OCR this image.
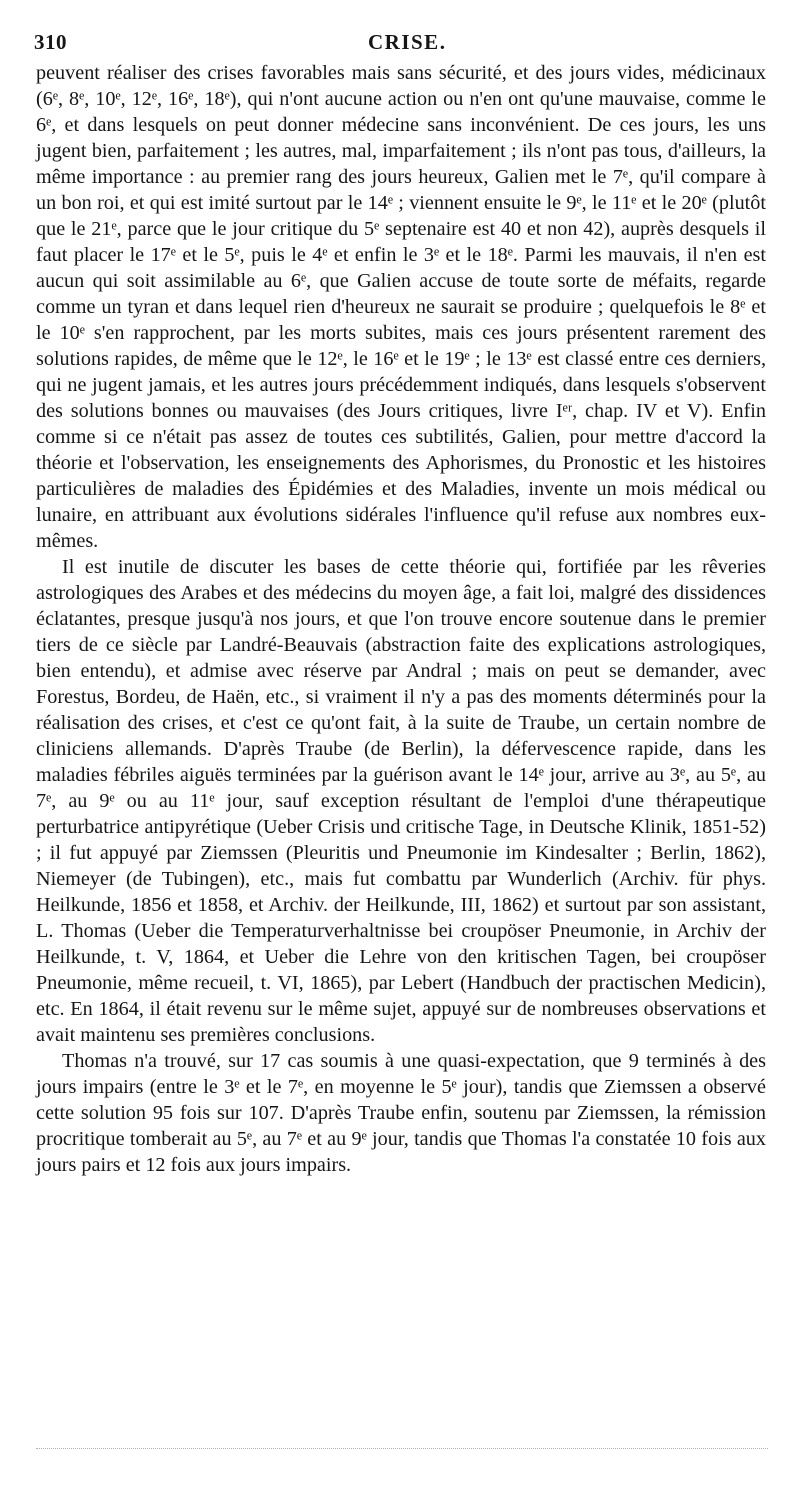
310	CRISE.

peuvent réaliser des crises favorables mais sans sécurité, et des jours vides, médicinaux (6ᵉ, 8ᵉ, 10ᵉ, 12ᵉ, 16ᵉ, 18ᵉ), qui n'ont aucune action ou n'en ont qu'une mauvaise, comme le 6ᵉ, et dans lesquels on peut donner médecine sans inconvénient. De ces jours, les uns jugent bien, parfaitement ; les autres, mal, imparfaitement ; ils n'ont pas tous, d'ailleurs, la même importance : au premier rang des jours heureux, Galien met le 7ᵉ, qu'il compare à un bon roi, et qui est imité surtout par le 14ᵉ ; viennent ensuite le 9ᵉ, le 11ᵉ et le 20ᵉ (plutôt que le 21ᵉ, parce que le jour critique du 5ᵉ septenaire est 40 et non 42), auprès desquels il faut placer le 17ᵉ et le 5ᵉ, puis le 4ᵉ et enfin le 3ᵉ et le 18ᵉ. Parmi les mauvais, il n'en est aucun qui soit assimilable au 6ᵉ, que Galien accuse de toute sorte de méfaits, regarde comme un tyran et dans lequel rien d'heureux ne saurait se produire ; quelquefois le 8ᵉ et le 10ᵉ s'en rapprochent, par les morts subites, mais ces jours présentent rarement des solutions rapides, de même que le 12ᵉ, le 16ᵉ et le 19ᵉ ; le 13ᵉ est classé entre ces derniers, qui ne jugent jamais, et les autres jours précédemment indiqués, dans lesquels s'observent des solutions bonnes ou mauvaises (des Jours critiques, livre Iᵉʳ, chap. IV et V). Enfin comme si ce n'était pas assez de toutes ces subtilités, Galien, pour mettre d'accord la théorie et l'observation, les enseignements des Aphorismes, du Pronostic et les histoires particulières de maladies des Épidémies et des Maladies, invente un mois médical ou lunaire, en attribuant aux évolutions sidérales l'influence qu'il refuse aux nombres eux-mêmes.

Il est inutile de discuter les bases de cette théorie qui, fortifiée par les rêveries astrologiques des Arabes et des médecins du moyen âge, a fait loi, malgré des dissidences éclatantes, presque jusqu'à nos jours, et que l'on trouve encore soutenue dans le premier tiers de ce siècle par Landré-Beauvais (abstraction faite des explications astrologiques, bien entendu), et admise avec réserve par Andral ; mais on peut se demander, avec Forestus, Bordeu, de Haën, etc., si vraiment il n'y a pas des moments déterminés pour la réalisation des crises, et c'est ce qu'ont fait, à la suite de Traube, un certain nombre de cliniciens allemands. D'après Traube (de Berlin), la défervescence rapide, dans les maladies fébriles aiguës terminées par la guérison avant le 14ᵉ jour, arrive au 3ᵉ, au 5ᵉ, au 7ᵉ, au 9ᵉ ou au 11ᵉ jour, sauf exception résultant de l'emploi d'une thérapeutique perturbatrice antipyrétique (Ueber Crisis und critische Tage, in Deutsche Klinik, 1851-52) ; il fut appuyé par Ziemssen (Pleuritis und Pneumonie im Kindesalter ; Berlin, 1862), Niemeyer (de Tubingen), etc., mais fut combattu par Wunderlich (Archiv. für phys. Heilkunde, 1856 et 1858, et Archiv. der Heilkunde, III, 1862) et surtout par son assistant, L. Thomas (Ueber die Temperaturverhaltnisse bei croupöser Pneumonie, in Archiv der Heilkunde, t. V, 1864, et Ueber die Lehre von den kritischen Tagen, bei croupöser Pneumonie, même recueil, t. VI, 1865), par Lebert (Handbuch der practischen Medicin), etc. En 1864, il était revenu sur le même sujet, appuyé sur de nombreuses observations et avait maintenu ses premières conclusions.

Thomas n'a trouvé, sur 17 cas soumis à une quasi-expectation, que 9 terminés à des jours impairs (entre le 3ᵉ et le 7ᵉ, en moyenne le 5ᵉ jour), tandis que Ziemssen a observé cette solution 95 fois sur 107. D'après Traube enfin, soutenu par Ziemssen, la rémission procritique tomberait au 5ᵉ, au 7ᵉ et au 9ᵉ jour, tandis que Thomas l'a constatée 10 fois aux jours pairs et 12 fois aux jours impairs.
